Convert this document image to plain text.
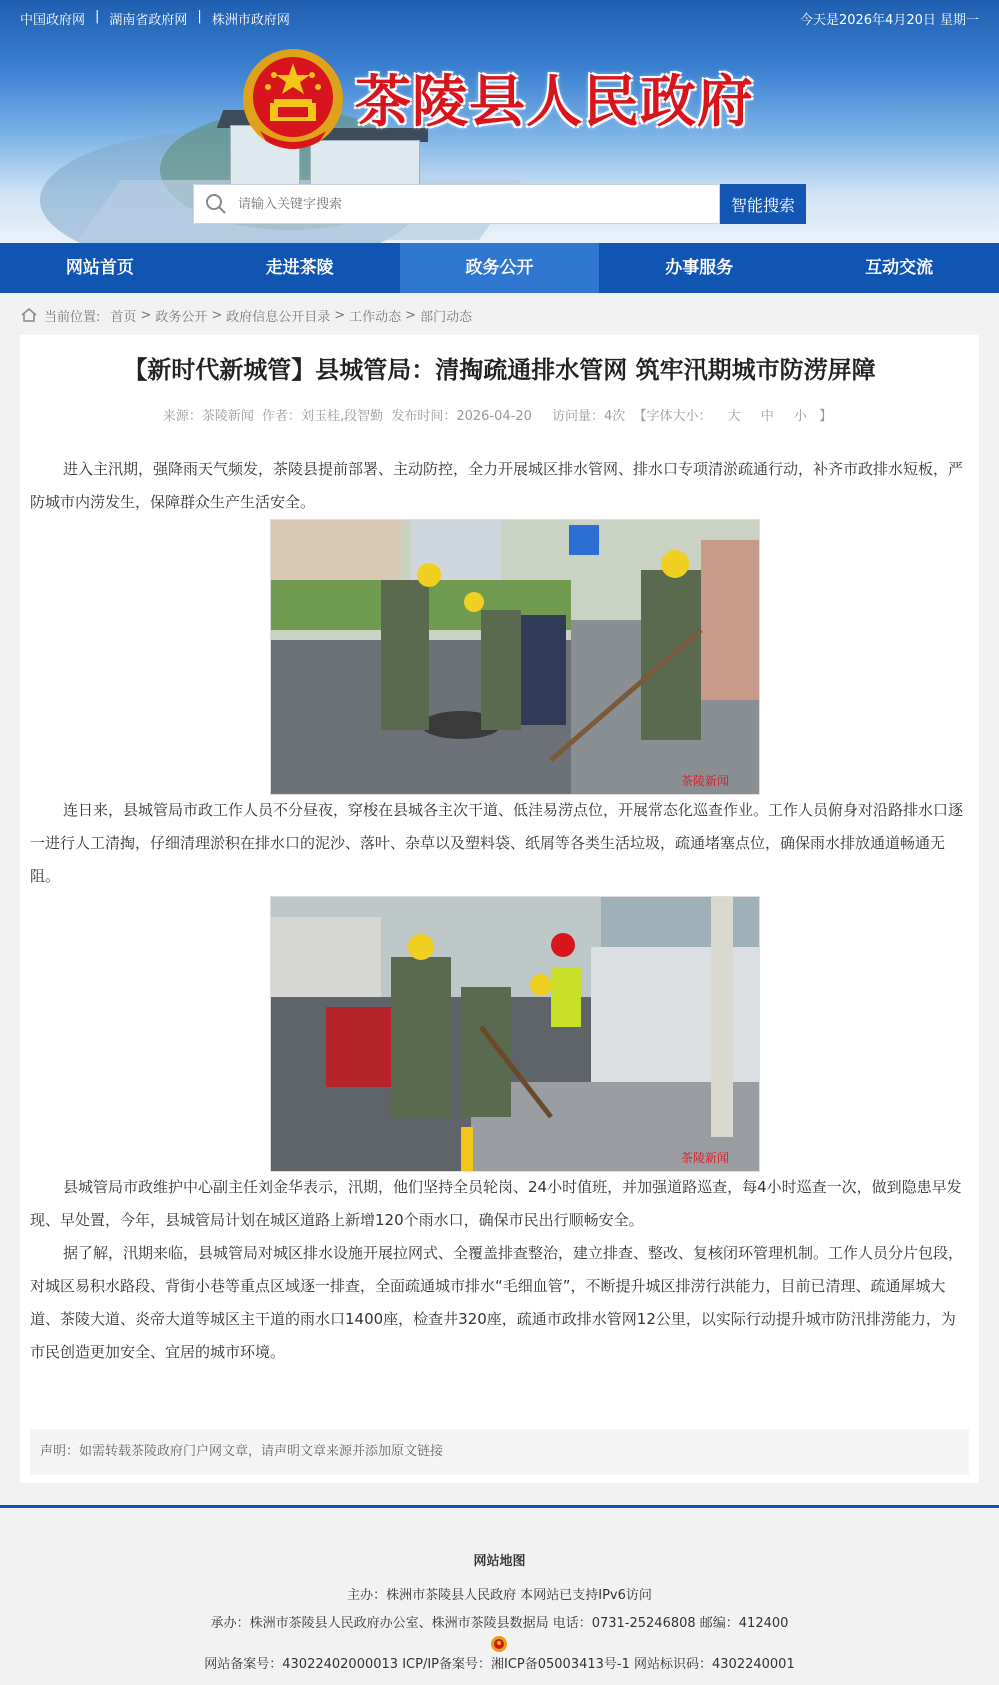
中国政府网 | 湖南省政府网 | 株洲市政府网	今天是2026年4月20日 星期一
茶陵县人民政府
请输入关键字搜索
智能搜索
网站首页	走进茶陵	政务公开	办事服务	互动交流
当前位置: 首页 > 政务公开 > 政府信息公开目录 > 工作动态 > 部门动态
【新时代新城管】县城管局：清掏疏通排水管网 筑牢汛期城市防涝屏障
来源：茶陵新闻 作者：刘玉桂,段智勤 发布时间：2026-04-20 访问量：4次 【字体大小： 大 中 小 】

进入主汛期，强降雨天气频发，茶陵县提前部署、主动防控，全力开展城区排水管网、排水口专项清淤疏通行动，补齐市政排水短板，严防城市内涝发生，保障群众生产生活安全。

茶陵新闻

连日来，县城管局市政工作人员不分昼夜，穿梭在县城各主次干道、低洼易涝点位，开展常态化巡查作业。工作人员俯身对沿路排水口逐一进行人工清掏，仔细清理淤积在排水口的泥沙、落叶、杂草以及塑料袋、纸屑等各类生活垃圾，疏通堵塞点位，确保雨水排放通道畅通无阻。

茶陵新闻

县城管局市政维护中心副主任刘金华表示，汛期，他们坚持全员轮岗、24小时值班，并加强道路巡查，每4小时巡查一次，做到隐患早发现、早处置，今年，县城管局计划在城区道路上新增120个雨水口，确保市民出行顺畅安全。

据了解，汛期来临，县城管局对城区排水设施开展拉网式、全覆盖排查整治，建立排查、整改、复核闭环管理机制。工作人员分片包段，对城区易积水路段、背街小巷等重点区域逐一排查，全面疏通城市排水“毛细血管”，不断提升城区排涝行洪能力，目前已清理、疏通犀城大道、茶陵大道、炎帝大道等城区主干道的雨水口1400座，检查井320座，疏通市政排水管网12公里，以实际行动提升城市防汛排涝能力，为市民创造更加安全、宜居的城市环境。

声明：如需转载茶陵政府门户网文章，请声明文章来源并添加原文链接
网站地图
主办：株洲市茶陵县人民政府 本网站已支持IPv6访问
承办：株洲市茶陵县人民政府办公室、株洲市茶陵县数据局 电话：0731-25246808 邮编：412400
网站备案号：43022402000013 ICP/IP备案号：湘ICP备05003413号-1 网站标识码：4302240001
